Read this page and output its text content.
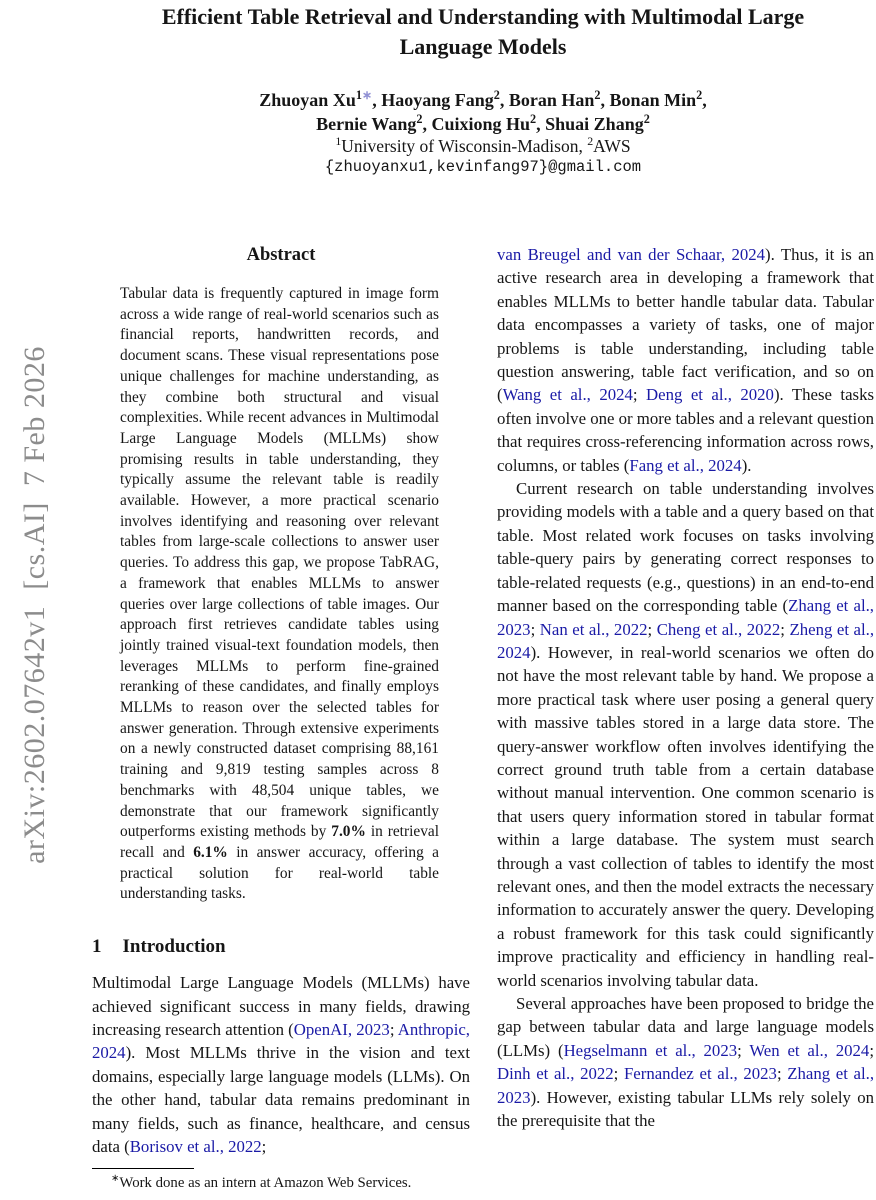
arXiv:2602.07642v1  [cs.AI]  7 Feb 2026
Efficient Table Retrieval and Understanding with Multimodal Large Language Models
Zhuoyan $Xu^{1∗}$, Haoyang Fang$^2$, Boran Han$^2$, Bonan Min$^2$,
Bernie Wang$^2$, Cuixiong Hu$^2$, Shuai Zhang$^2$
$^1$University of Wisconsin-Madison, $^2$AWS
{zhuoyanxu1,kevinfang97}@gmail.com
Abstract

Tabular data is frequently captured in image form across a wide range of real-world scenarios such as financial reports, handwritten records, and document scans. These visual representations pose unique challenges for machine understanding, as they combine both structural and visual complexities. While recent advances in Multimodal Large Language Models (MLLMs) show promising results in table understanding, they typically assume the relevant table is readily available. However, a more practical scenario involves identifying and reasoning over relevant tables from large-scale collections to answer user queries. To address this gap, we propose TabRAG, a framework that enables MLLMs to answer queries over large collections of table images. Our approach first retrieves candidate tables using jointly trained visual-text foundation models, then leverages MLLMs to perform fine-grained reranking of these candidates, and finally employs MLLMs to reason over the selected tables for answer generation. Through extensive experiments on a newly constructed dataset comprising 88,161 training and 9,819 testing samples across 8 benchmarks with 48,504 unique tables, we demonstrate that our framework significantly outperforms existing methods by 7.0% in retrieval recall and 6.1% in answer accuracy, offering a practical solution for real-world table understanding tasks.

1 Introduction

Multimodal Large Language Models (MLLMs) have achieved significant success in many fields, drawing increasing research attention (OpenAI, 2023; Anthropic, 2024). Most MLLMs thrive in the vision and text domains, especially large language models (LLMs). On the other hand, tabular data remains predominant in many fields, such as finance, healthcare, and census data (Borisov et al., 2022;

van Breugel and van der Schaar, 2024). Thus, it is an active research area in developing a framework that enables MLLMs to better handle tabular data. Tabular data encompasses a variety of tasks, one of major problems is table understanding, including table question answering, table fact verification, and so on (Wang et al., 2024; Deng et al., 2020). These tasks often involve one or more tables and a relevant question that requires cross-referencing information across rows, columns, or tables (Fang et al., 2024).

Current research on table understanding involves providing models with a table and a query based on that table. Most related work focuses on tasks involving table-query pairs by generating correct responses to table-related requests (e.g., questions) in an end-to-end manner based on the corresponding table (Zhang et al., 2023; Nan et al., 2022; Cheng et al., 2022; Zheng et al., 2024). However, in real-world scenarios we often do not have the most relevant table by hand. We propose a more practical task where user posing a general query with massive tables stored in a large data store. The query-answer workflow often involves identifying the correct ground truth table from a certain database without manual intervention. One common scenario is that users query information stored in tabular format within a large database. The system must search through a vast collection of tables to identify the most relevant ones, and then the model extracts the necessary information to accurately answer the query. Developing a robust framework for this task could significantly improve practicality and efficiency in handling real-world scenarios involving tabular data.

Several approaches have been proposed to bridge the gap between tabular data and large language models (LLMs) (Hegselmann et al., 2023; Wen et al., 2024; Dinh et al., 2022; Fernandez et al., 2023; Zhang et al., 2023). However, existing tabular LLMs rely solely on the prerequisite that the

∗Work done as an intern at Amazon Web Services.
